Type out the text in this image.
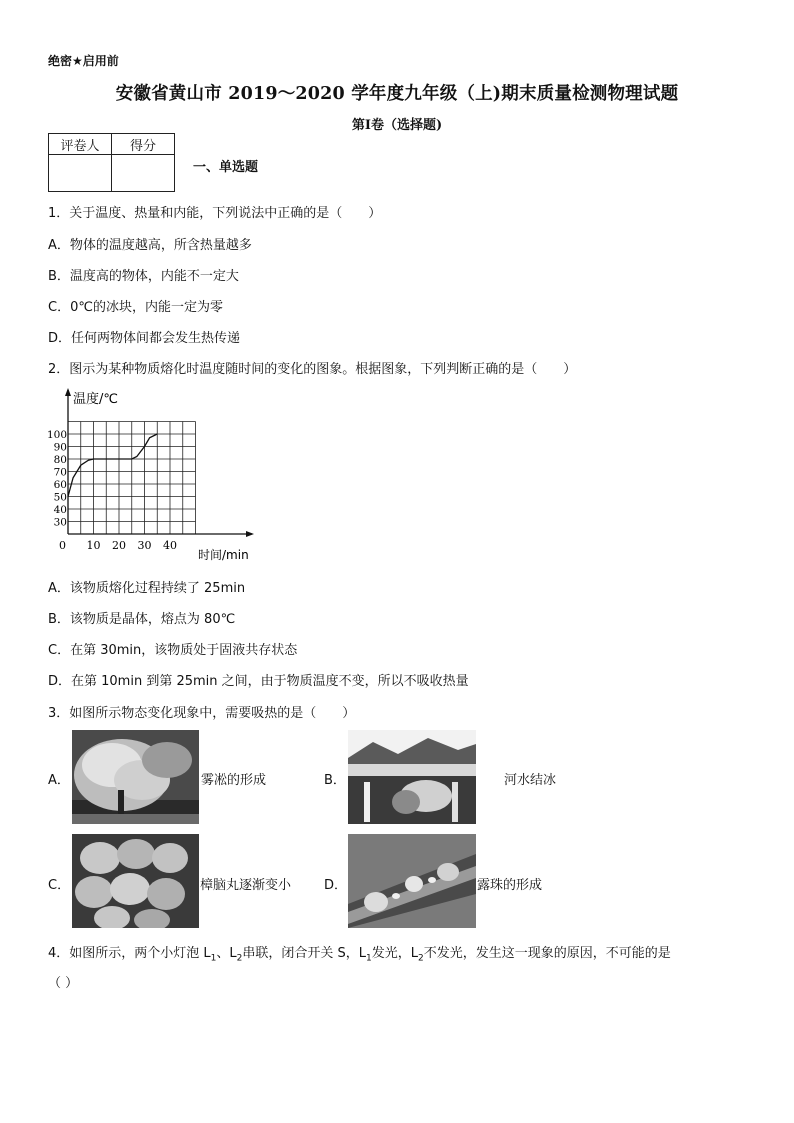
绝密★启用前
安徽省黄山市 2019～2020 学年度九年级（上)期末质量检测物理试题
第Ⅰ卷（选择题)
评卷人	得分

一、单选题
1．关于温度、热量和内能，下列说法中正确的是（　　）
A．物体的温度越高，所含热量越多
B．温度高的物体，内能不一定大
C．0℃的冰块，内能一定为零
D．任何两物体间都会发生热传递
2．图示为某种物质熔化时温度随时间的变化的图象。根据图象，下列判断正确的是（　　）
0 10 20 30 40
30
40
50
60
70
80
90
100
温度/℃
时间/min
A．该物质熔化过程持续了 25min
B．该物质是晶体，熔点为 80℃
C．在第 30min，该物质处于固液共存状态
D．在第 10min 到第 25min 之间，由于物质温度不变，所以不吸收热量
3．如图所示物态变化现象中，需要吸热的是（　　）
A．	雾凇的形成	B．	河水结冰
C．	樟脑丸逐渐变小	D．	露珠的形成
4．如图所示，两个小灯泡 $L_1$、$L_2$串联，闭合开关 S，$L_1$发光，$L_2$不发光，发生这一现象的原因，不可能的是
（ ）
